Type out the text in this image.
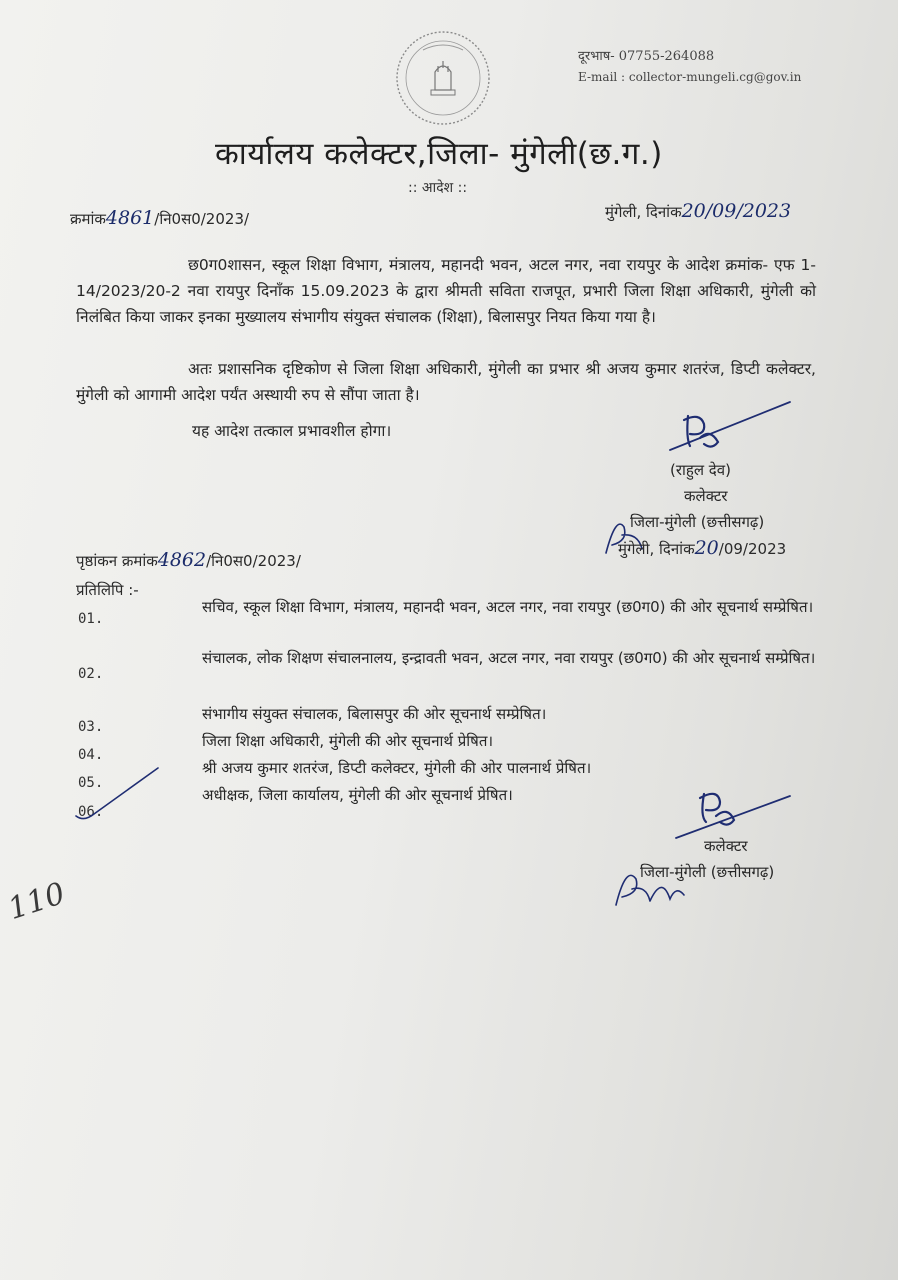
दूरभाष- 07755-264088
E-mail : collector-mungeli.cg@gov.in
कार्यालय कलेक्टर,जिला- मुंगेली(छ.ग.)
:: आदेश ::
क्रमांक4861/नि0स0/2023/	मुंगेली, दिनांक20/09/2023
छ0ग0शासन, स्कूल शिक्षा विभाग, मंत्रालय, महानदी भवन, अटल नगर, नवा रायपुर के आदेश क्रमांक- एफ 1-14/2023/20-2 नवा रायपुर दिनाँक 15.09.2023 के द्वारा श्रीमती सविता राजपूत, प्रभारी जिला शिक्षा अधिकारी, मुंगेली को निलंबित किया जाकर इनका मुख्यालय संभागीय संयुक्त संचालक (शिक्षा), बिलासपुर नियत किया गया है।
अतः प्रशासनिक दृष्टिकोण से जिला शिक्षा अधिकारी, मुंगेली का प्रभार श्री अजय कुमार शतरंज, डिप्टी कलेक्टर, मुंगेली को आगामी आदेश पर्यंत अस्थायी रुप से सौंपा जाता है।
यह आदेश तत्काल प्रभावशील होगा।
(राहुल देव)
कलेक्टर
जिला-मुंगेली (छत्तीसगढ़)
पृष्ठांकन क्रमांक4862/नि0स0/2023/
मुंगेली, दिनांक20/09/2023
प्रतिलिपि :-
01.
सचिव, स्कूल शिक्षा विभाग, मंत्रालय, महानदी भवन, अटल नगर, नवा रायपुर (छ0ग0) की ओर सूचनार्थ सम्प्रेषित।
02.
संचालक, लोक शिक्षण संचालनालय, इन्द्रावती भवन, अटल नगर, नवा रायपुर (छ0ग0) की ओर सूचनार्थ सम्प्रेषित।
03.
संभागीय संयुक्त संचालक, बिलासपुर की ओर सूचनार्थ सम्प्रेषित।
04.
जिला शिक्षा अधिकारी, मुंगेली की ओर सूचनार्थ प्रेषित।
05.
श्री अजय कुमार शतरंज, डिप्टी कलेक्टर, मुंगेली की ओर पालनार्थ प्रेषित।
06.
अधीक्षक, जिला कार्यालय, मुंगेली की ओर सूचनार्थ प्रेषित।
कलेक्टर
जिला-मुंगेली (छत्तीसगढ़)
110
